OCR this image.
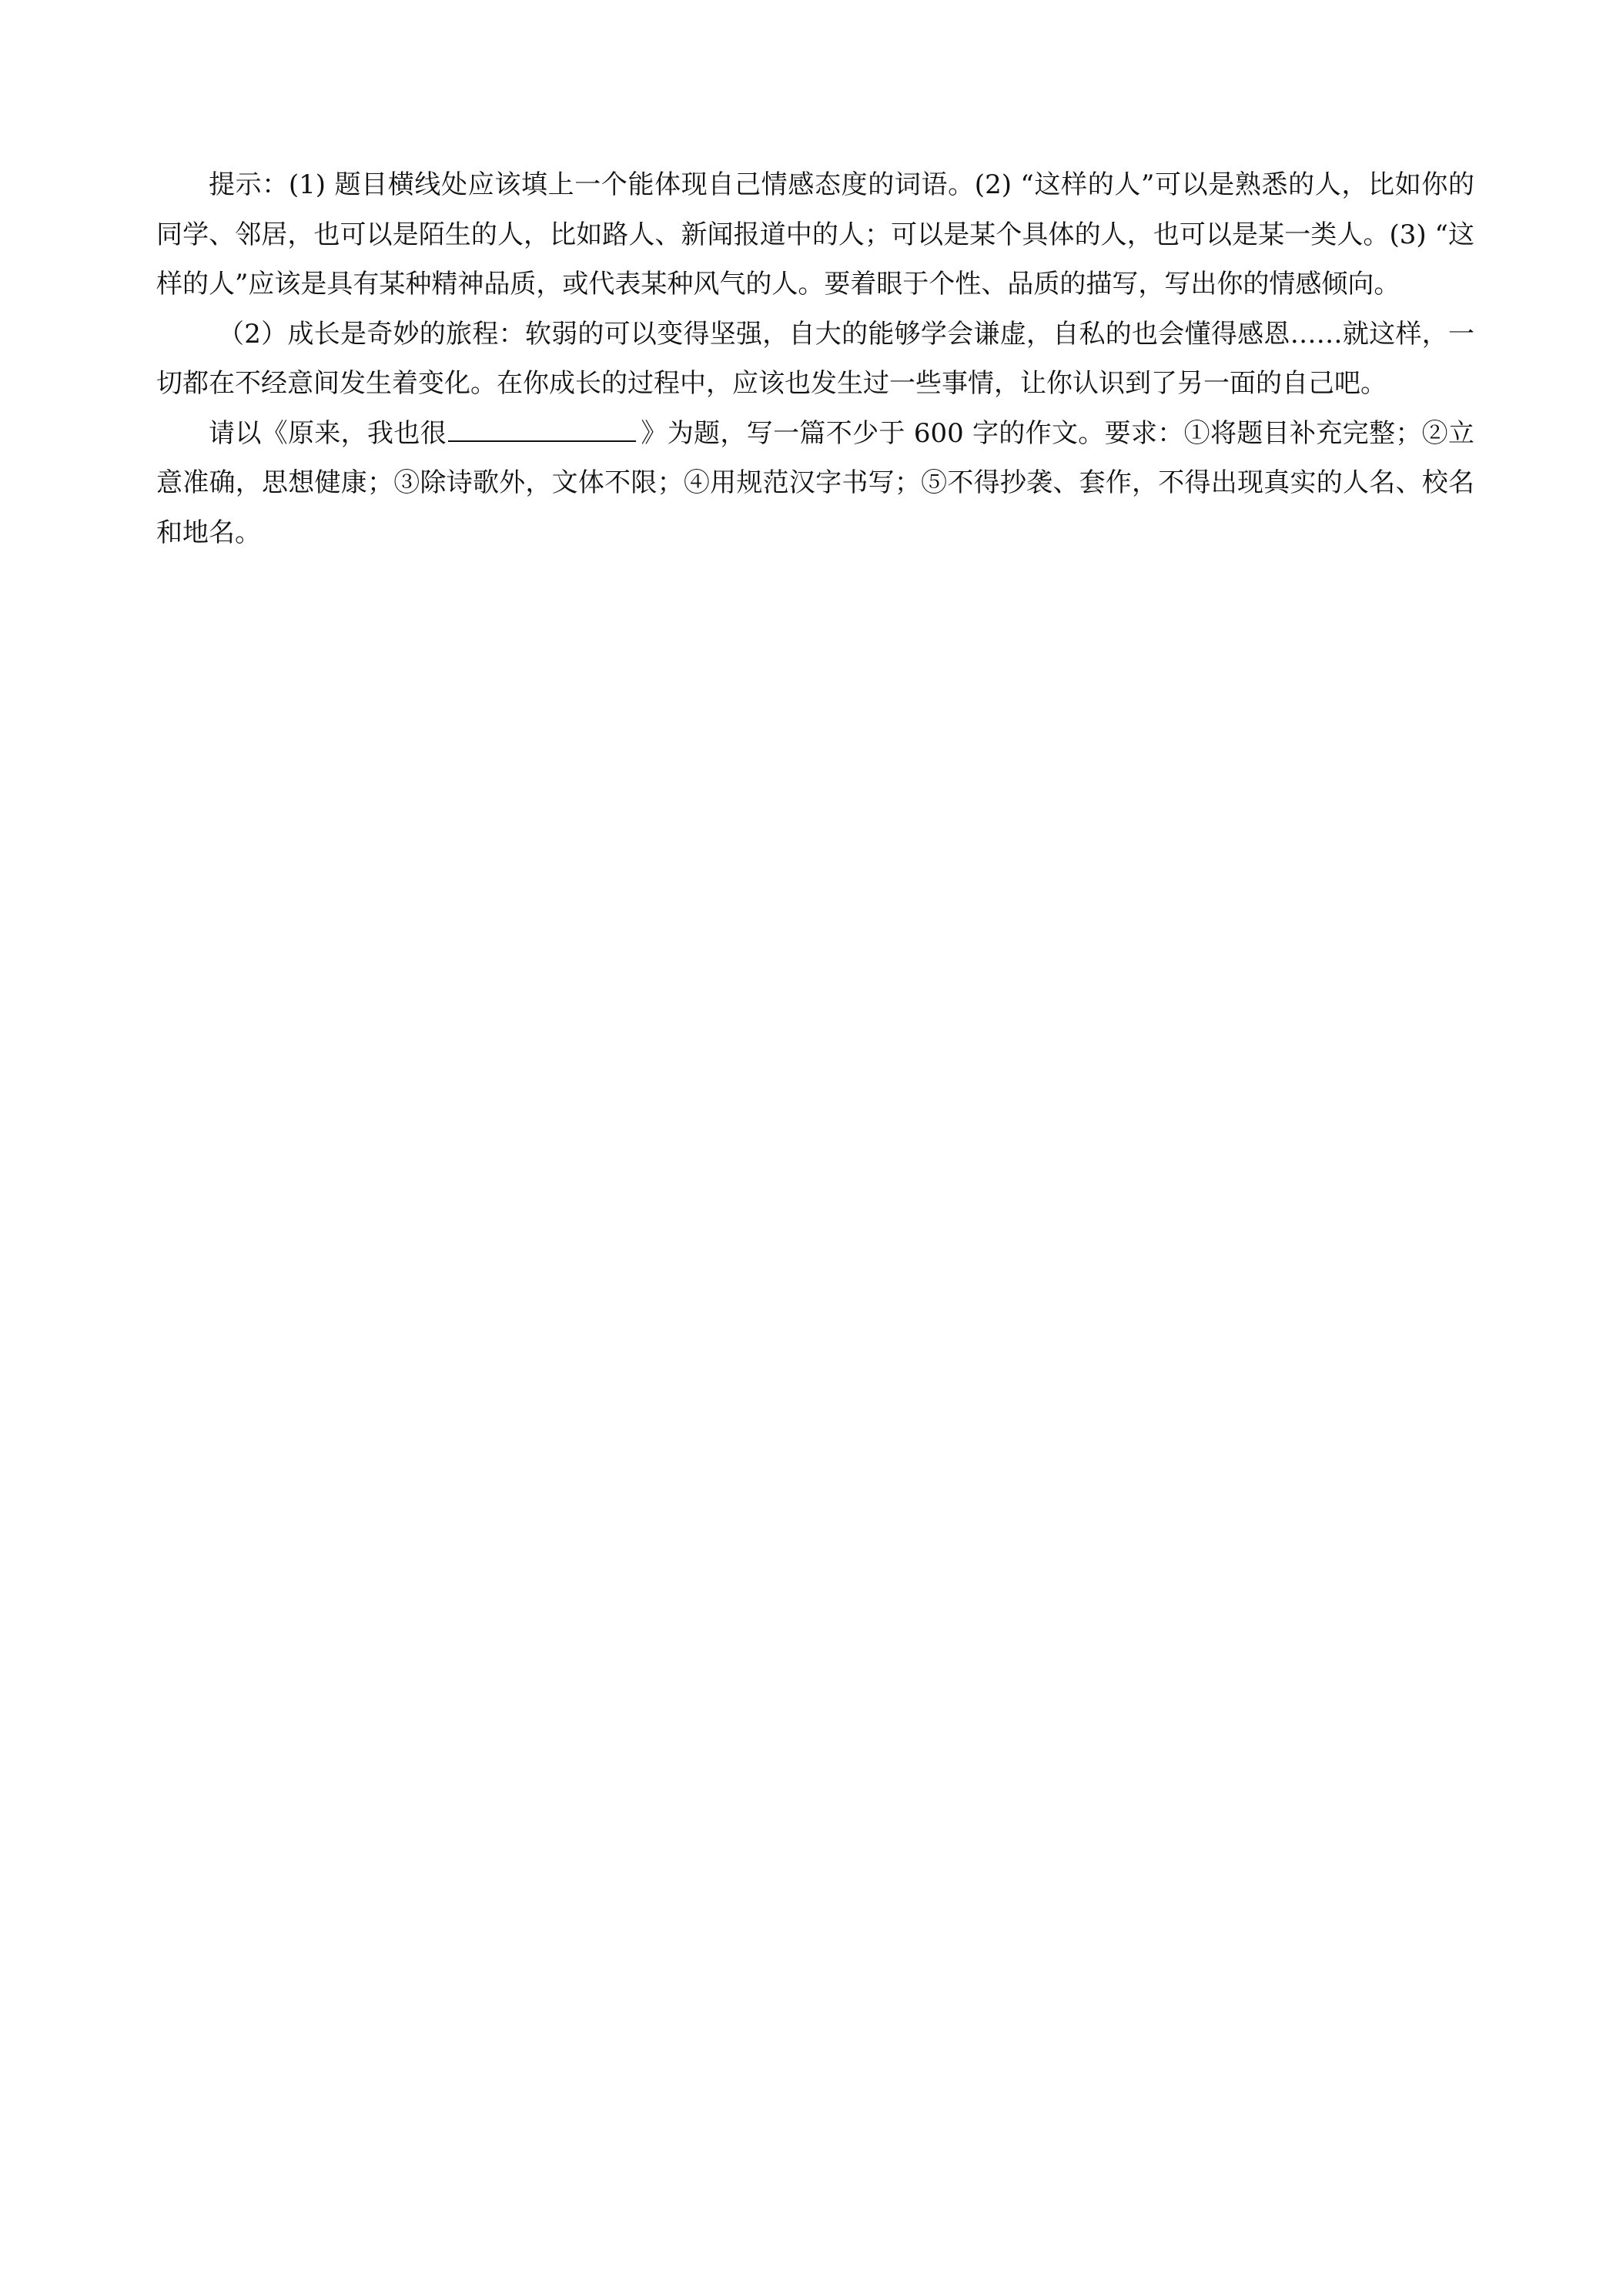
提示：(1) 题目横线处应该填上一个能体现自己情感态度的词语。(2) “这样的人”可以是熟悉的人，比如你的同学、邻居，也可以是陌生的人，比如路人、新闻报道中的人；可以是某个具体的人，也可以是某一类人。(3) “这样的人”应该是具有某种精神品质，或代表某种风气的人。要着眼于个性、品质的描写，写出你的情感倾向。

（2）成长是奇妙的旅程：软弱的可以变得坚强，自大的能够学会谦虚，自私的也会懂得感恩……就这样，一切都在不经意间发生着变化。在你成长的过程中，应该也发生过一些事情，让你认识到了另一面的自己吧。

请以《原来，我也很	》为题，写一篇不少于 600 字的作文。要求：①将题目补充完整；②立意准确，思想健康；③除诗歌外，文体不限；④用规范汉字书写；⑤不得抄袭、套作，不得出现真实的人名、校名和地名。
